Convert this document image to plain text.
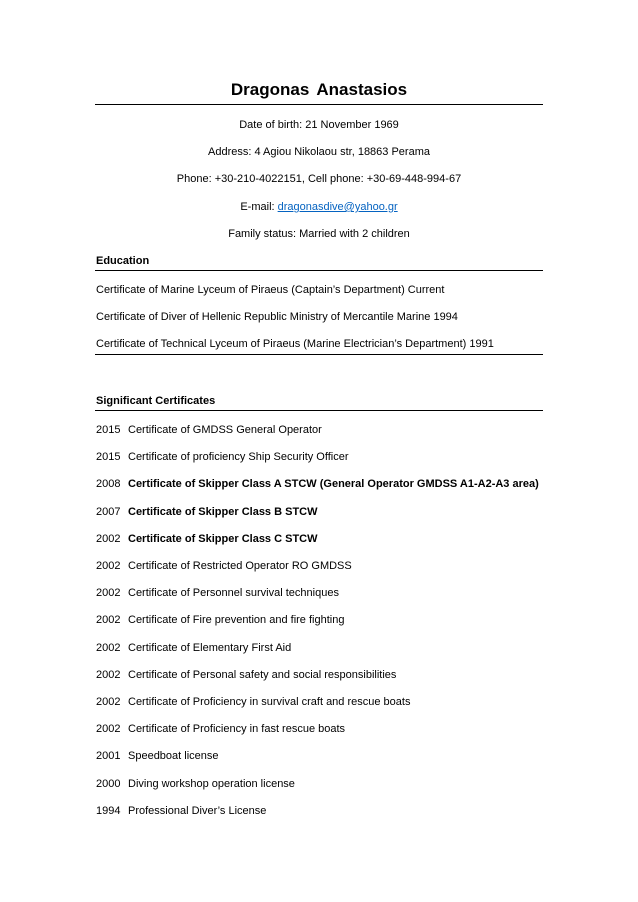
Dragonas Anastasios
Date of birth: 21 November 1969
Address: 4 Agiou Nikolaou str, 18863 Perama
Phone: +30-210-4022151, Cell phone: +30-69-448-994-67
E-mail: dragonasdive@yahoo.gr
Family status: Married with 2 children
Education
Certificate of Marine Lyceum of Piraeus (Captain’s Department) Current
Certificate of Diver of Hellenic Republic Ministry of Mercantile Marine 1994
Certificate of Technical Lyceum of Piraeus (Marine Electrician’s Department) 1991
Significant Certificates
2015 Certificate of GMDSS General Operator
2015 Certificate of proficiency Ship Security Officer
2008 Certificate of Skipper Class A STCW (General Operator GMDSS A1-A2-A3 area)
2007 Certificate of Skipper Class B STCW
2002 Certificate of Skipper Class C STCW
2002 Certificate of Restricted Operator RO GMDSS
2002 Certificate of Personnel survival techniques
2002 Certificate of Fire prevention and fire fighting
2002 Certificate of Elementary First Aid
2002 Certificate of Personal safety and social responsibilities
2002 Certificate of Proficiency in survival craft and rescue boats
2002 Certificate of Proficiency in fast rescue boats
2001 Speedboat license
2000 Diving workshop operation license
1994 Professional Diver’s License
